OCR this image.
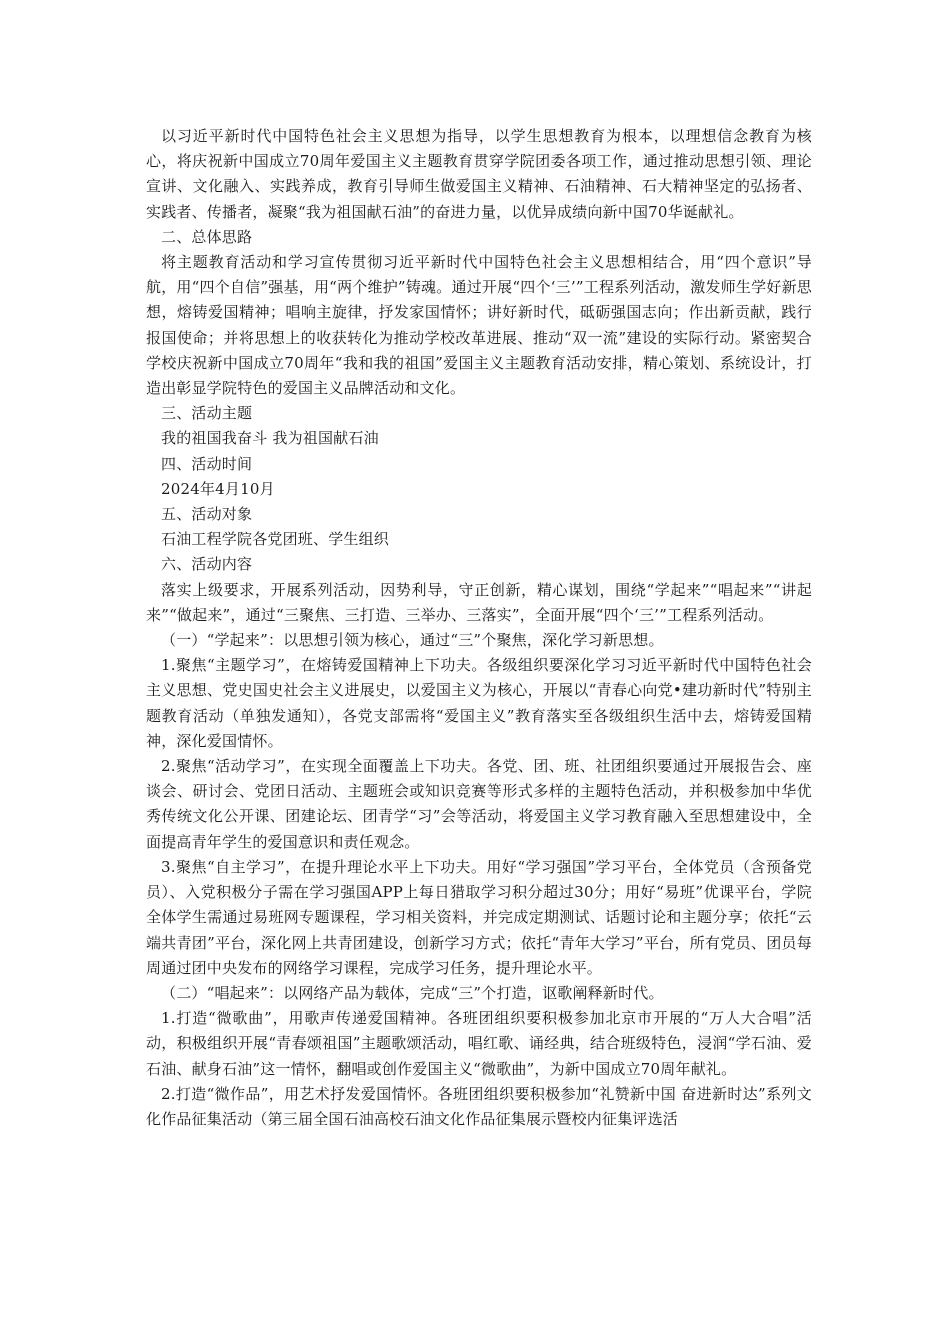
以习近平新时代中国特色社会主义思想为指导，以学生思想教育为根本，以理想信念教育为核心，将庆祝新中国成立70周年爱国主义主题教育贯穿学院团委各项工作，通过推动思想引领、理论宣讲、文化融入、实践养成，教育引导师生做爱国主义精神、石油精神、石大精神坚定的弘扬者、实践者、传播者，凝聚“我为祖国献石油”的奋进力量，以优异成绩向新中国70华诞献礼。

二、总体思路

将主题教育活动和学习宣传贯彻习近平新时代中国特色社会主义思想相结合，用“四个意识”导航，用“四个自信”强基，用“两个维护”铸魂。通过开展“四个‘三’”工程系列活动，激发师生学好新思想，熔铸爱国精神；唱响主旋律，抒发家国情怀；讲好新时代，砥砺强国志向；作出新贡献，践行报国使命；并将思想上的收获转化为推动学校改革进展、推动“双一流”建设的实际行动。紧密契合学校庆祝新中国成立70周年“我和我的祖国”爱国主义主题教育活动安排，精心策划、系统设计，打造出彰显学院特色的爱国主义品牌活动和文化。

三、活动主题

我的祖国我奋斗 我为祖国献石油

四、活动时间

2024年4月10月

五、活动对象

石油工程学院各党团班、学生组织

六、活动内容

落实上级要求，开展系列活动，因势利导，守正创新，精心谋划，围绕“学起来”“唱起来”“讲起来”“做起来”，通过“三聚焦、三打造、三举办、三落实”，全面开展“四个‘三’”工程系列活动。

（一）“学起来”：以思想引领为核心，通过“三”个聚焦，深化学习新思想。

1.聚焦“主题学习”，在熔铸爱国精神上下功夫。各级组织要深化学习习近平新时代中国特色社会主义思想、党史国史社会主义进展史，以爱国主义为核心，开展以“青春心向党•建功新时代”特别主题教育活动（单独发通知），各党支部需将“爱国主义”教育落实至各级组织生活中去，熔铸爱国精神，深化爱国情怀。

2.聚焦“活动学习”，在实现全面覆盖上下功夫。各党、团、班、社团组织要通过开展报告会、座谈会、研讨会、党团日活动、主题班会或知识竞赛等形式多样的主题特色活动，并积极参加中华优秀传统文化公开课、团建论坛、团青学“习”会等活动，将爱国主义学习教育融入至思想建设中，全面提高青年学生的爱国意识和责任观念。

3.聚焦“自主学习”，在提升理论水平上下功夫。用好“学习强国”学习平台，全体党员（含预备党员）、入党积极分子需在学习强国APP上每日猎取学习积分超过30分；用好“易班”优课平台，学院全体学生需通过易班网专题课程，学习相关资料，并完成定期测试、话题讨论和主题分享；依托“云端共青团”平台，深化网上共青团建设，创新学习方式；依托“青年大学习”平台，所有党员、团员每周通过团中央发布的网络学习课程，完成学习任务，提升理论水平。

（二）“唱起来”：以网络产品为载体，完成“三”个打造，讴歌阐释新时代。

1.打造“微歌曲”，用歌声传递爱国精神。各班团组织要积极参加北京市开展的“万人大合唱”活动，积极组织开展“青春颂祖国”主题歌颂活动，唱红歌、诵经典，结合班级特色，浸润“学石油、爱石油、献身石油”这一情怀，翻唱或创作爱国主义“微歌曲”，为新中国成立70周年献礼。

2.打造“微作品”，用艺术抒发爱国情怀。各班团组织要积极参加“礼赞新中国 奋进新时达”系列文化作品征集活动（第三届全国石油高校石油文化作品征集展示暨校内征集评选活
